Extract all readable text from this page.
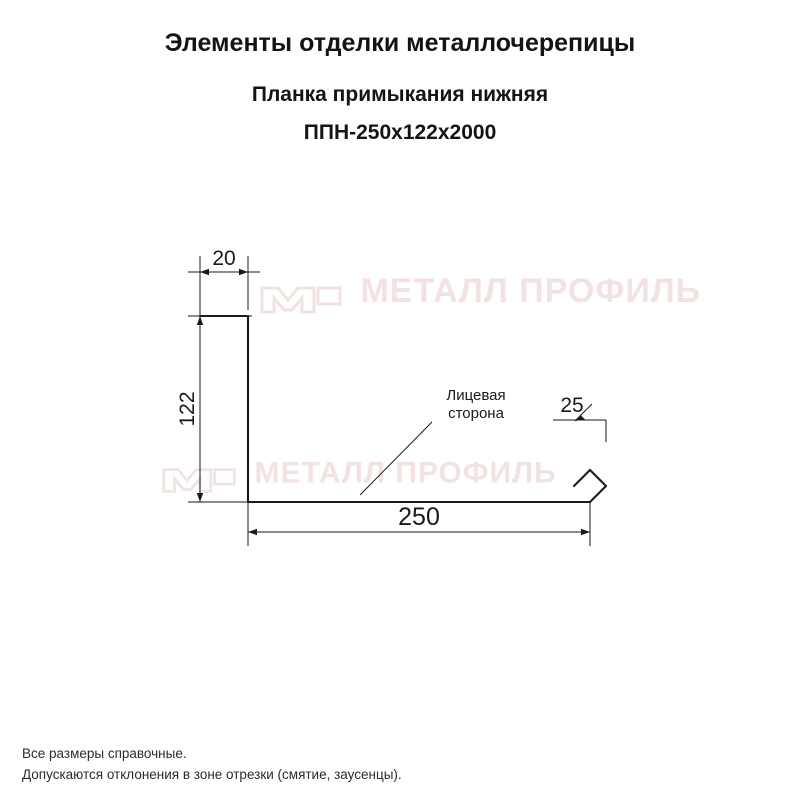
МЕТАЛЛ ПРОФИЛЬ
МЕТАЛЛ ПРОФИЛЬ
Элементы отделки металлочерепицы
Планка примыкания нижняя
ППН-250x122x2000
20
122
250
25
Лицевая
сторона
Все размеры справочные.
Допускаются отклонения в зоне отрезки (смятие, заусенцы).
